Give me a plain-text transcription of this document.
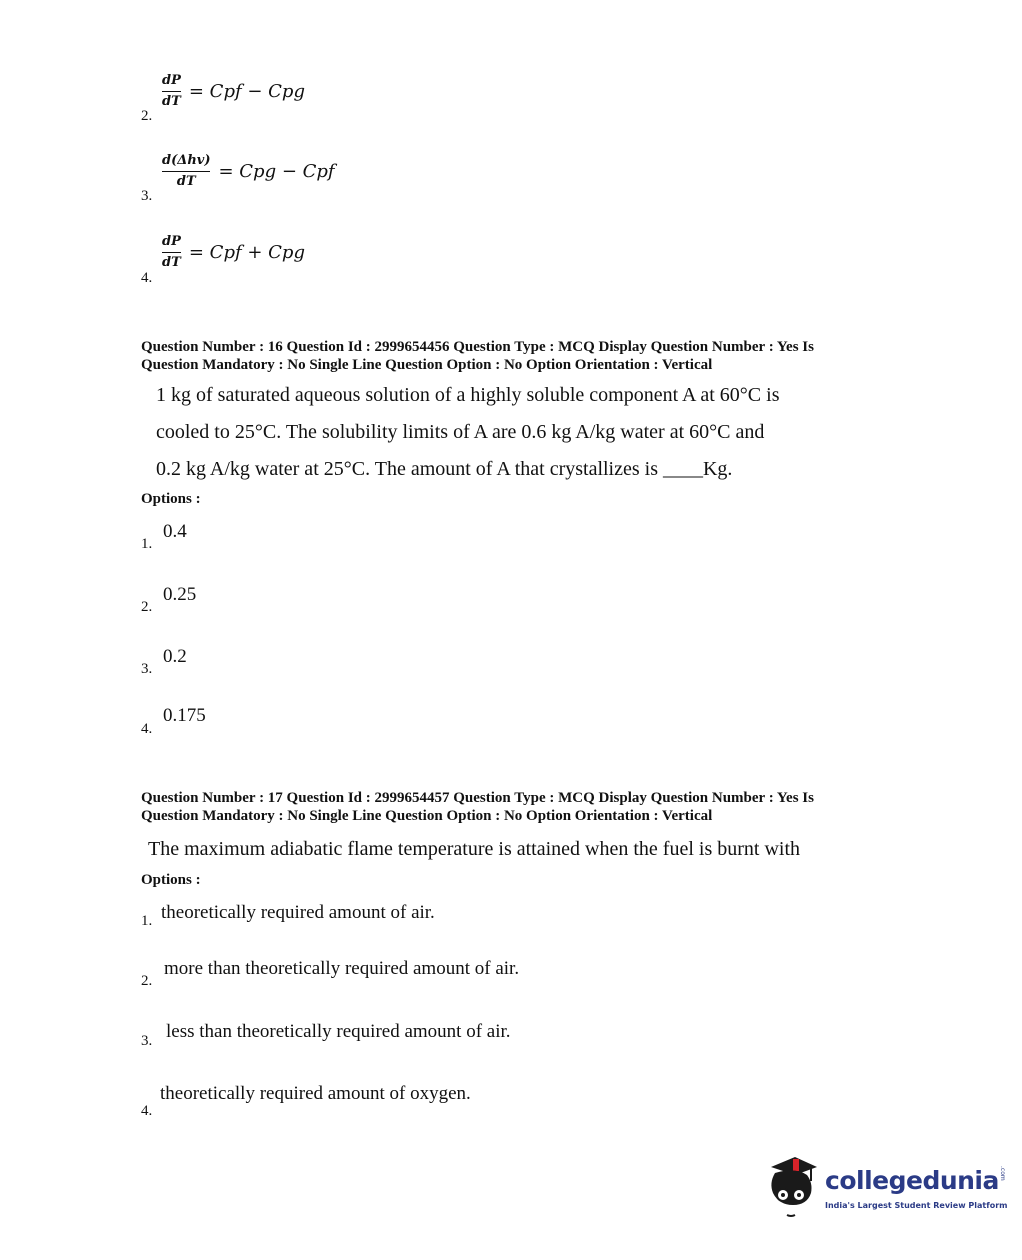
$\frac{dP}{dT}$ = Cpf − Cpg
2.
$\frac{\text{d(Δhv)}}{dT}$ = Cpg − Cpf
3.
$\frac{dP}{dT}$ = Cpf + Cpg
4.
Question Number : 16 Question Id : 2999654456 Question Type : MCQ Display Question Number : Yes Is
Question Mandatory : No Single Line Question Option : No Option Orientation : Vertical
1 kg of saturated aqueous solution of a highly soluble component A at 60°C is
cooled to 25°C. The solubility limits of A are 0.6 kg A/kg water at 60°C and
0.2 kg A/kg water at 25°C. The amount of A that crystallizes is ____Kg.
Options :
0.4
1.
0.25
2.
0.2
3.
0.175
4.
Question Number : 17 Question Id : 2999654457 Question Type : MCQ Display Question Number : Yes Is
Question Mandatory : No Single Line Question Option : No Option Orientation : Vertical
The maximum adiabatic flame temperature is attained when the fuel is burnt with
Options :
theoretically required amount of air.
1.
more than theoretically required amount of air.
2.
less than theoretically required amount of air.
3.
theoretically required amount of oxygen.
4.
collegedunia .com
India's Largest Student Review Platform
